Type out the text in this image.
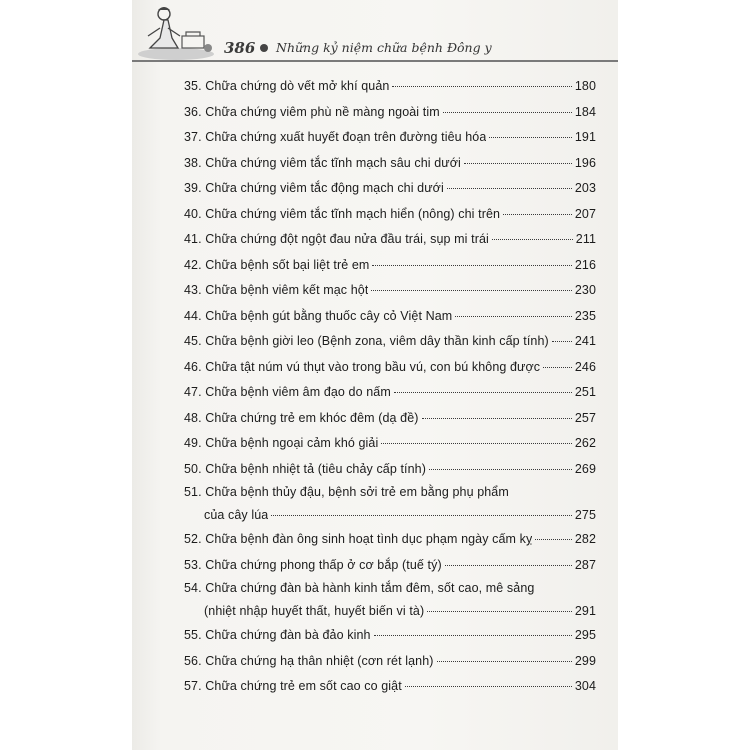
386 Những kỷ niệm chữa bệnh Đông y
35.
Chữa chứng dò vết mở khí quản	180
36.
Chữa chứng viêm phù nề màng ngoài tim	184
37.
Chữa chứng xuất huyết đoạn trên đường tiêu hóa	191
38.
Chữa chứng viêm tắc tĩnh mạch sâu chi dưới	196
39.
Chữa chứng viêm tắc động mạch chi dưới	203
40.
Chữa chứng viêm tắc tĩnh mạch hiển (nông) chi trên	207
41.
Chữa chứng đột ngột đau nửa đầu trái, sụp mi trái	211
42.
Chữa bệnh sốt bại liệt trẻ em	216
43.
Chữa bệnh viêm kết mạc hột	230
44.
Chữa bệnh gút bằng thuốc cây cỏ Việt Nam	235
45.
Chữa bệnh giời leo (Bệnh zona, viêm dây thần kinh cấp tính) 241
46.
Chữa tật núm vú thụt vào trong bầu vú, con bú không được	246
47.
Chữa bệnh viêm âm đạo do nấm	251
48.
Chữa chứng trẻ em khóc đêm (dạ đề)	257
49.
Chữa bệnh ngoại cảm khó giải	262
50.
Chữa bệnh nhiệt tả (tiêu chảy cấp tính)	269
51. Chữa bệnh thủy đậu, bệnh sởi trẻ em bằng phụ phẩm
của cây lúa	275
52.
Chữa bệnh đàn ông sinh hoạt tình dục phạm ngày cấm kỵ	282
53.
Chữa chứng phong thấp ở cơ bắp (tuế tý)	287
54. Chữa chứng đàn bà hành kinh tắm đêm, sốt cao, mê sảng
(nhiệt nhập huyết thất, huyết biến vi tà)	291
55.
Chữa chứng đàn bà đảo kinh	295
56.
Chữa chứng hạ thân nhiệt (cơn rét lạnh)	299
57.
Chữa chứng trẻ em sốt cao co giật	304
